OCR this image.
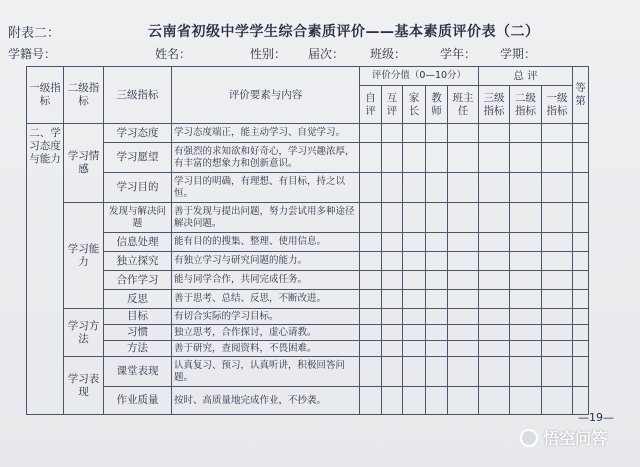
附表二：	云南省初级中学学生综合素质评价——基本素质评价表（二）
学籍号：	姓名：	性别： 届次： 班级：	学年： 学期：
一级指标	二级指标	三级指标	评价要素与内容	评价分值（0—10分）					总 评			等第
				自评	互评	家长	教师	班主任	三级指标	二级指标	一级指标	
二、学习态度与能力	学习情感	学习态度	学习态度端正，能主动学习、自觉学习。									
		学习愿望	有强烈的求知欲和好奇心，学习兴趣浓厚，有丰富的想象力和创新意识。									
		学习目的	学习目的明确，有理想、有目标，持之以恒。									
	学习能力	发现与解决问题	善于发现与提出问题，努力尝试用多种途径解决问题。									
		信息处理	能有目的的搜集、整理、使用信息。									
		独立探究	有独立学习与研究问题的能力。									
		合作学习	能与同学合作，共同完成任务。									
		反思	善于思考、总结、反思，不断改进。									
	学习方法	目标	有切合实际的学习目标。									
		习惯	独立思考，合作探讨，虚心请教。									
		方法	善于研究，查阅资料，不畏困难。									
	学习表现	课堂表现	认真复习、预习，认真听讲，积极回答问题。									
		作业质量	按时、高质量地完成作业，不抄袭。									
—19—
悟空问答
